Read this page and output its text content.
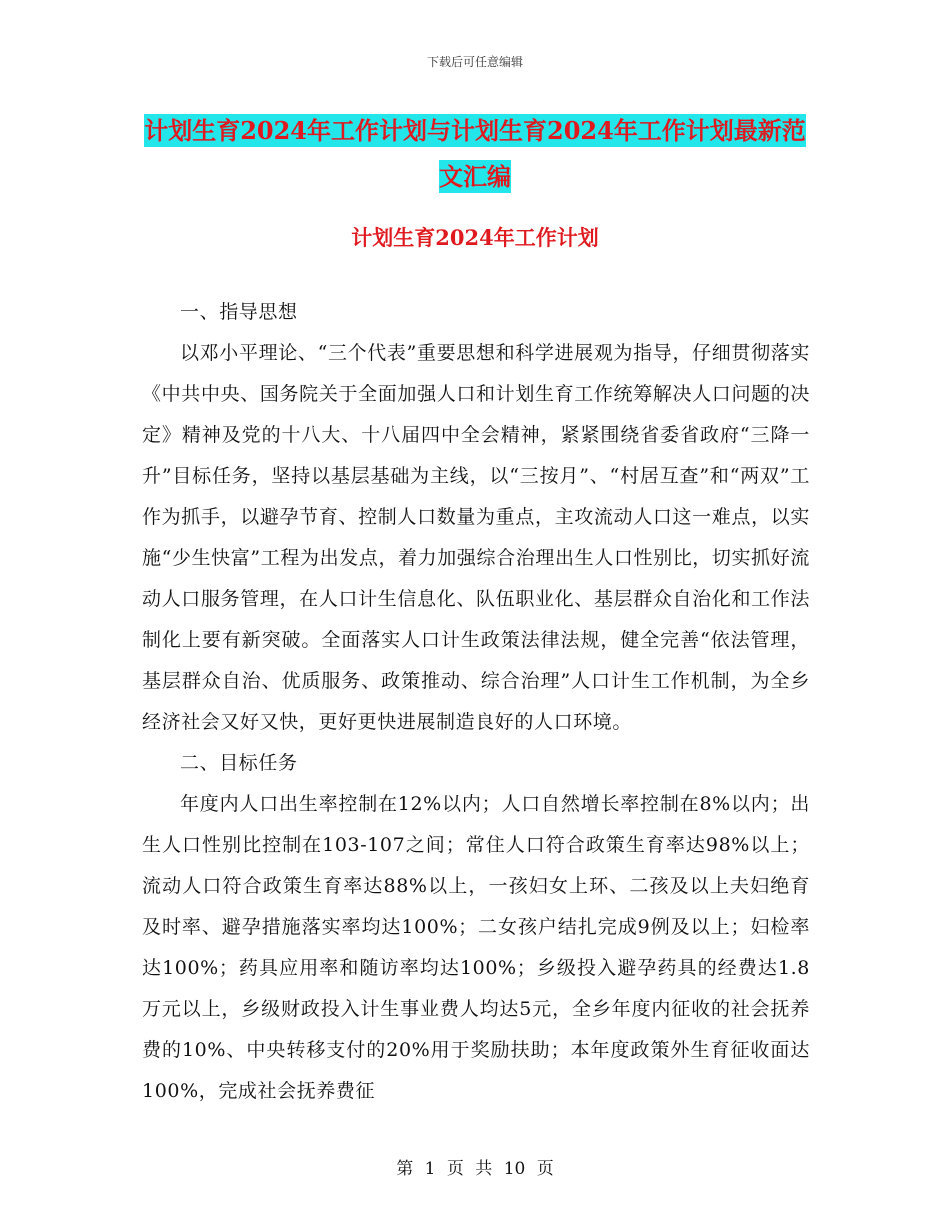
下载后可任意编辑
计划生育2024年工作计划与计划生育2024年工作计划最新范文汇编
计划生育2024年工作计划

一、指导思想

以邓小平理论、“三个代表”重要思想和科学进展观为指导，仔细贯彻落实《中共中央、国务院关于全面加强人口和计划生育工作统筹解决人口问题的决定》精神及党的十八大、十八届四中全会精神，紧紧围绕省委省政府“三降一升”目标任务，坚持以基层基础为主线，以“三按月”、“村居互查”和“两双”工作为抓手，以避孕节育、控制人口数量为重点，主攻流动人口这一难点，以实施“少生快富”工程为出发点，着力加强综合治理出生人口性别比，切实抓好流动人口服务管理，在人口计生信息化、队伍职业化、基层群众自治化和工作法制化上要有新突破。全面落实人口计生政策法律法规，健全完善“依法管理，基层群众自治、优质服务、政策推动、综合治理”人口计生工作机制，为全乡经济社会又好又快，更好更快进展制造良好的人口环境。

二、目标任务

年度内人口出生率控制在12%以内；人口自然增长率控制在8%以内；出生人口性别比控制在103-107之间；常住人口符合政策生育率达98%以上；流动人口符合政策生育率达88%以上，一孩妇女上环、二孩及以上夫妇绝育及时率、避孕措施落实率均达100%；二女孩户结扎完成9例及以上；妇检率达100%；药具应用率和随访率均达100%；乡级投入避孕药具的经费达1.8万元以上，乡级财政投入计生事业费人均达5元，全乡年度内征收的社会抚养费的10%、中央转移支付的20%用于奖励扶助；本年度政策外生育征收面达100%，完成社会抚养费征

第 1 页 共 10 页
